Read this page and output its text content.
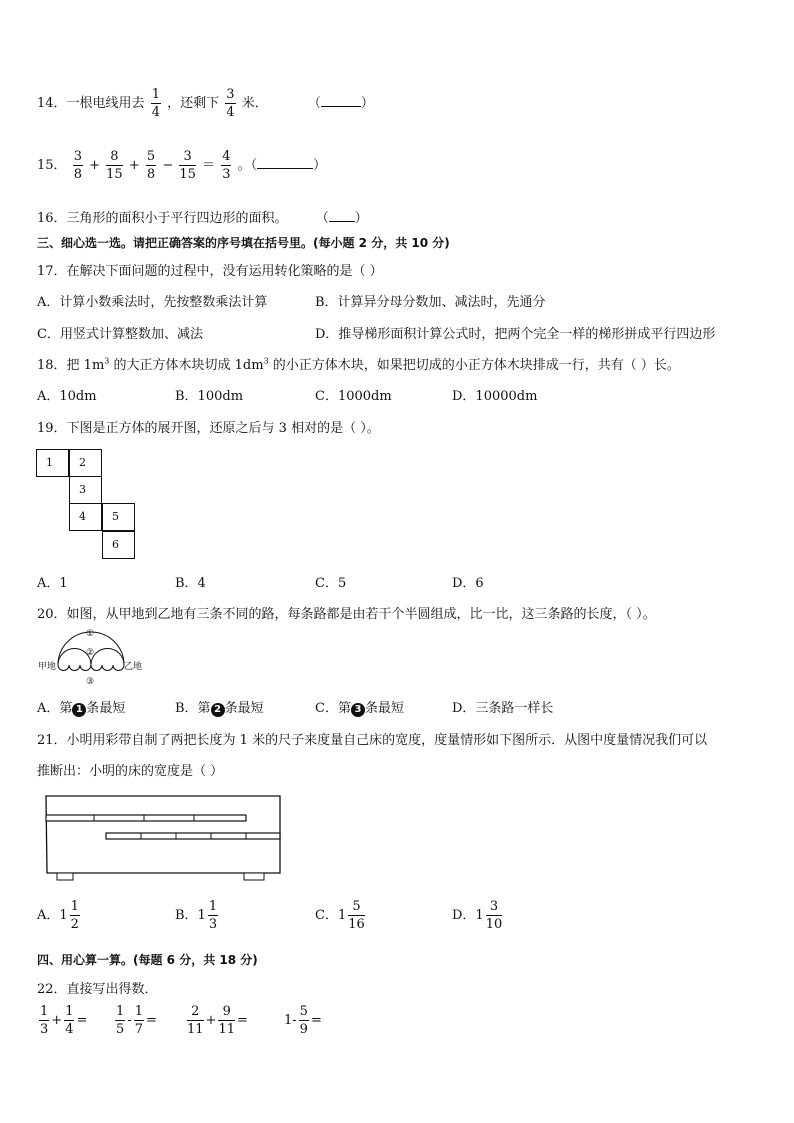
14．一根电线用去 $\frac{1}{4}$ ，还剩下 $\frac{3}{4}$ 米．	（	）
15． $\frac{3}{8} + \frac{8}{15} + \frac{5}{8} - \frac{3}{15} = \frac{4}{3}$ 。（	）
16．三角形的面积小于平行四边形的面积。 （ ）
三、细心选一选。请把正确答案的序号填在括号里。(每小题 2 分，共 10 分)
17．在解决下面问题的过程中，没有运用转化策略的是（ ）
A．计算小数乘法时，先按整数乘法计算	B．计算异分母分数加、减法时，先通分
C．用竖式计算整数加、减法	D．推导梯形面积计算公式时，把两个完全一样的梯形拼成平行四边形
18．把 $1m^3$ 的大正方体木块切成 $1dm^3$ 的小正方体木块，如果把切成的小正方体木块排成一行，共有（ ）长。
A．10dm	B．100dm	C．1000dm	D．10000dm
19．下图是正方体的展开图，还原之后与 3 相对的是（ ）。
1 2
3
4 5
6
A．1	B．4	C．5	D．6
20．如图，从甲地到乙地有三条不同的路，每条路都是由若干个半圆组成，比一比，这三条路的长度，（ ）。
①
②
甲地	乙地
③
A．第 1 条最短	B．第 2 条最短	C．第 3 条最短	D．三条路一样长
21．小明用彩带自制了两把长度为 1 米的尺子来度量自己床的宽度，度量情形如下图所示．从图中度量情况我们可以
推断出：小明的床的宽度是（ ）
A．$1 \frac{1}{2}$	B．$1 \frac{1}{3}$	C．$1 \frac{5}{16}$	D．$1 \frac{3}{10}$
四、用心算一算。(每题 6 分，共 18 分)
22．直接写出得数．
$\frac{1}{3} + \frac{1}{4} = \frac{1}{5} - \frac{1}{7} = \frac{2}{11} + \frac{9}{11}$ =	$1- \frac{5}{9}$ =
